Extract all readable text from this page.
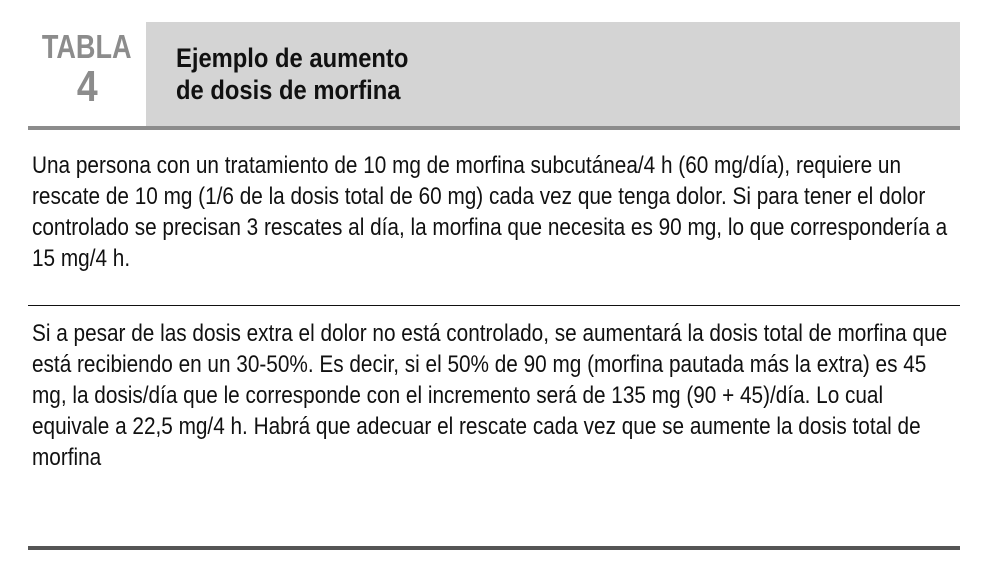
TABLA
4
Ejemplo de aumento
de dosis de morfina
Una persona con un tratamiento de 10 mg de morfina subcutánea/4 h (60 mg/día), requiere un rescate de 10 mg (1/6 de la dosis total de 60 mg) cada vez que tenga dolor. Si para tener el dolor controlado se precisan 3 rescates al día, la morfina que necesita es 90 mg, lo que correspondería a 15 mg/4 h.
Si a pesar de las dosis extra el dolor no está controlado, se aumentará la dosis total de morfina que está recibiendo en un 30-50%. Es decir, si el 50% de 90 mg (morfina pautada más la extra) es 45 mg, la dosis/día que le corresponde con el incremento será de 135 mg (90 + 45)/día. Lo cual equivale a 22,5 mg/4 h. Habrá que adecuar el rescate cada vez que se aumente la dosis total de morfina
